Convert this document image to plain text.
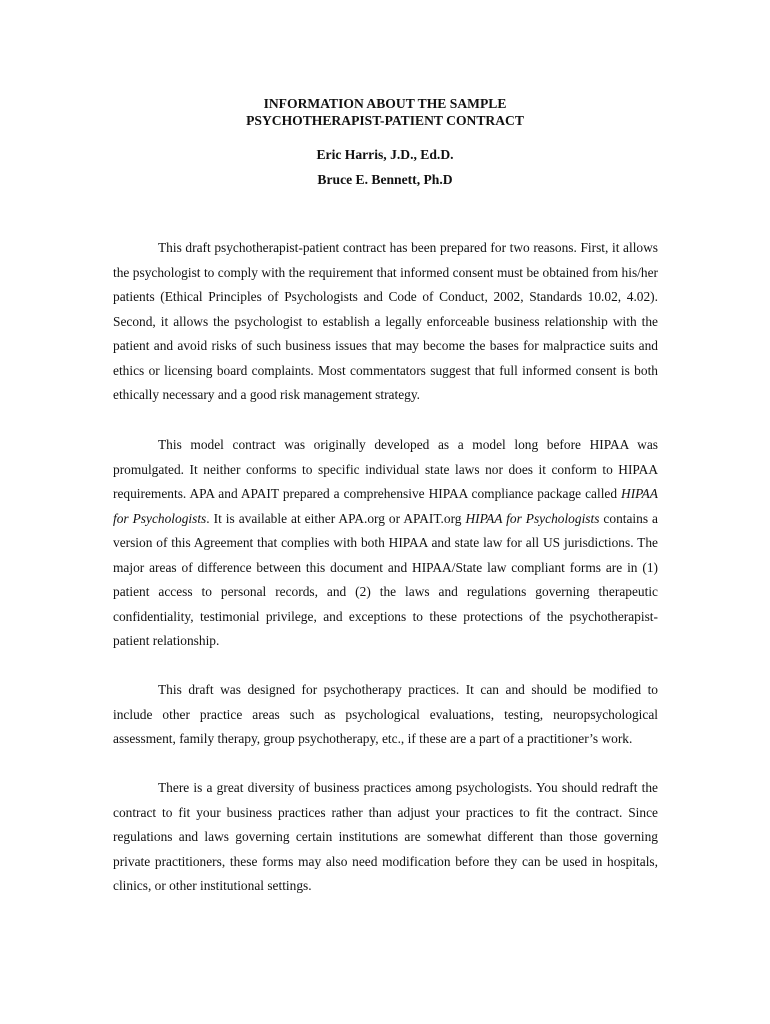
INFORMATION ABOUT THE SAMPLE

PSYCHOTHERAPIST-PATIENT CONTRACT

Eric Harris, J.D., Ed.D.

Bruce E. Bennett, Ph.D

This draft psychotherapist-patient contract has been prepared for two reasons. First, it allows the psychologist to comply with the requirement that informed consent must be obtained from his/her patients (Ethical Principles of Psychologists and Code of Conduct, 2002, Standards 10.02, 4.02). Second, it allows the psychologist to establish a legally enforceable business relationship with the patient and avoid risks of such business issues that may become the bases for malpractice suits and ethics or licensing board complaints. Most commentators suggest that full informed consent is both ethically necessary and a good risk management strategy.

This model contract was originally developed as a model long before HIPAA was promulgated. It neither conforms to specific individual state laws nor does it conform to HIPAA requirements. APA and APAIT prepared a comprehensive HIPAA compliance package called HIPAA for Psychologists. It is available at either APA.org or APAIT.org HIPAA for Psychologists contains a version of this Agreement that complies with both HIPAA and state law for all US jurisdictions. The major areas of difference between this document and HIPAA/State law compliant forms are in (1) patient access to personal records, and (2) the laws and regulations governing therapeutic confidentiality, testimonial privilege, and exceptions to these protections of the psychotherapist-patient relationship.

This draft was designed for psychotherapy practices. It can and should be modified to include other practice areas such as psychological evaluations, testing, neuropsychological assessment, family therapy, group psychotherapy, etc., if these are a part of a practitioner’s work.

There is a great diversity of business practices among psychologists. You should redraft the contract to fit your business practices rather than adjust your practices to fit the contract. Since regulations and laws governing certain institutions are somewhat different than those governing private practitioners, these forms may also need modification before they can be used in hospitals, clinics, or other institutional settings.
